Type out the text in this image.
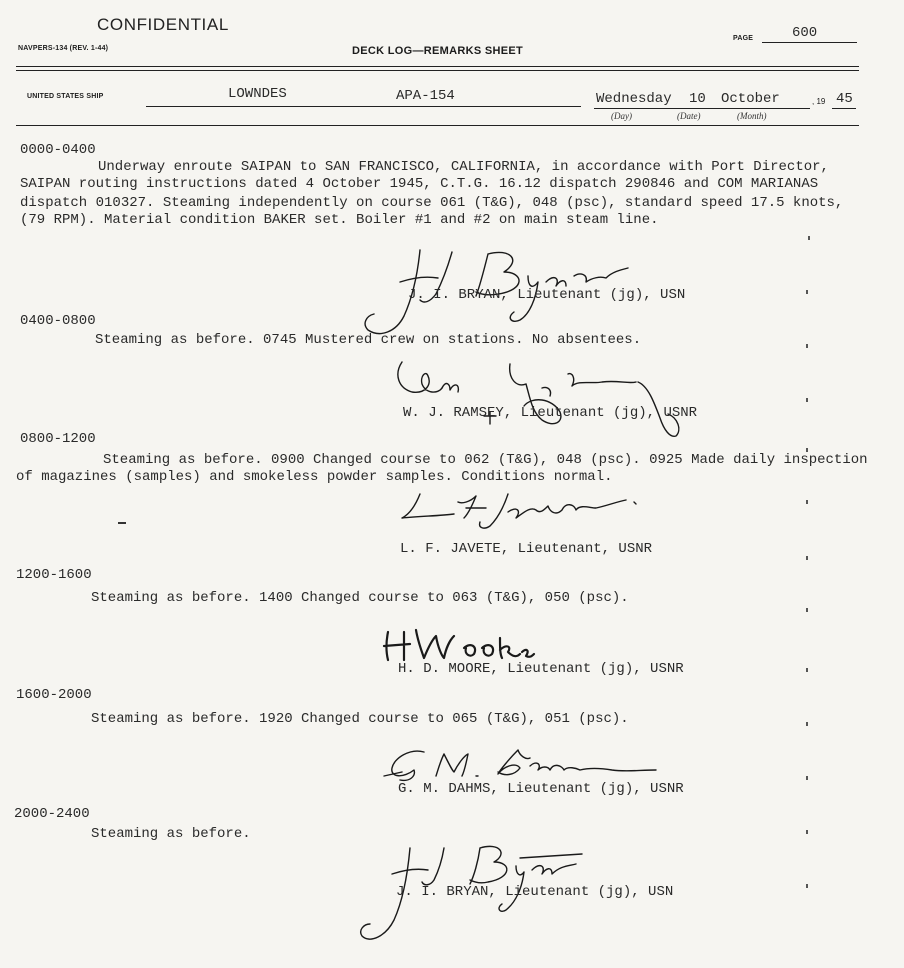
CONFIDENTIAL
NAVPERS-134 (REV. 1-44)	DECK LOG—REMARKS SHEET
PAGE	600
UNITED STATES SHIP	LOWNDES	APA-154	Wednesday 10 October	, 19 45
(Day)	(Date)	(Month)
0000-0400
Underway enroute SAIPAN to SAN FRANCISCO, CALIFORNIA, in accordance with Port Director,
SAIPAN routing instructions dated 4 October 1945, C.T.G. 16.12 dispatch 290846 and COM MARIANAS
dispatch 010327. Steaming independently on course 061 (T&G), 048 (psc), standard speed 17.5 knots,
(79 RPM). Material condition BAKER set. Boiler #1 and #2 on main steam line.
J. I. BRYAN, Lieutenant (jg), USN
0400-0800
Steaming as before. 0745 Mustered crew on stations. No absentees.
W. J. RAMSEY, Lieutenant (jg), USNR
0800-1200
Steaming as before. 0900 Changed course to 062 (T&G), 048 (psc). 0925 Made daily inspection
of magazines (samples) and smokeless powder samples. Conditions normal.
L. F. JAVETE, Lieutenant, USNR
1200-1600
Steaming as before. 1400 Changed course to 063 (T&G), 050 (psc).
H. D. MOORE, Lieutenant (jg), USNR
1600-2000
Steaming as before. 1920 Changed course to 065 (T&G), 051 (psc).
G. M. DAHMS, Lieutenant (jg), USNR
2000-2400
Steaming as before.
J. I. BRYAN, Lieutenant (jg), USN
